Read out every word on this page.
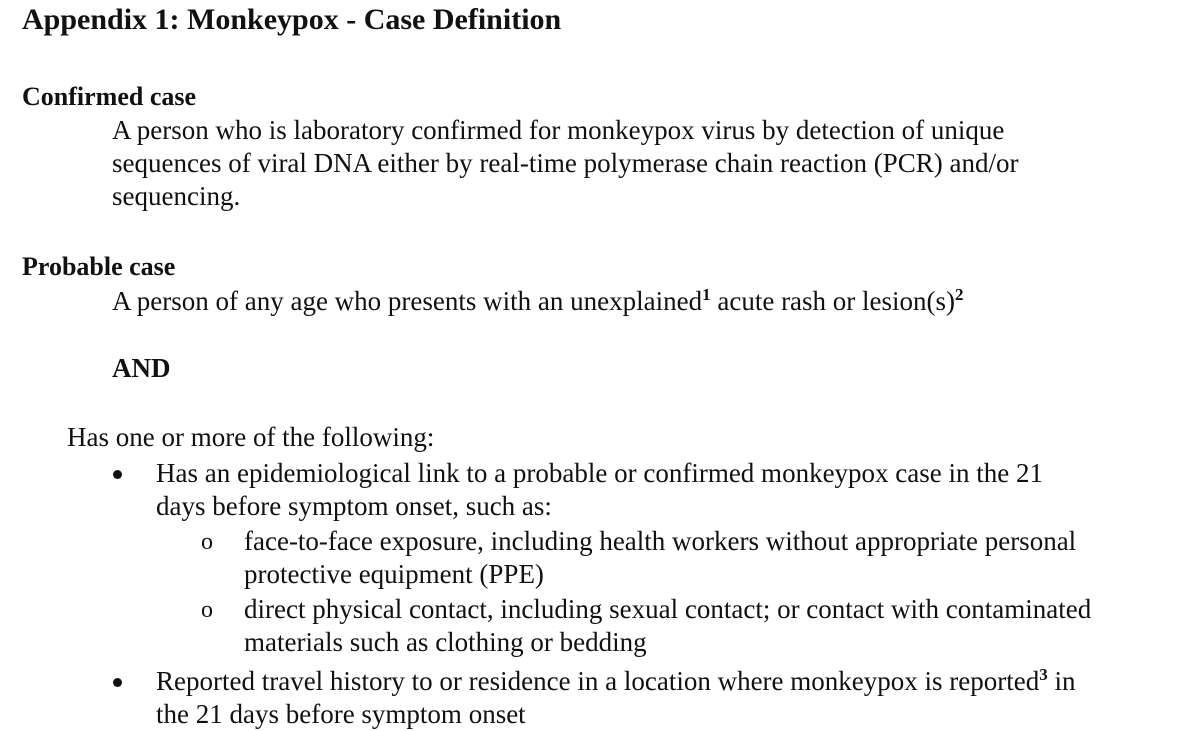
Appendix 1: Monkeypox - Case Definition
Confirmed case
A person who is laboratory confirmed for monkeypox virus by detection of unique
sequences of viral DNA either by real-time polymerase chain reaction (PCR) and/or
sequencing.
Probable case
A person of any age who presents with an unexplained$^1$ acute rash or $lesion(s)^2$

AND

Has one or more of the following:

Has an epidemiological link to a probable or confirmed monkeypox case in the 21
days before symptom onset, such as:
o face-to-face exposure, including health workers without appropriate personal
protective equipment (PPE)
o direct physical contact, including sexual contact; or contact with contaminated
materials such as clothing or bedding
Reported travel history to or residence in a location where monkeypox is reported$^3$ in
the 21 days before symptom onset
